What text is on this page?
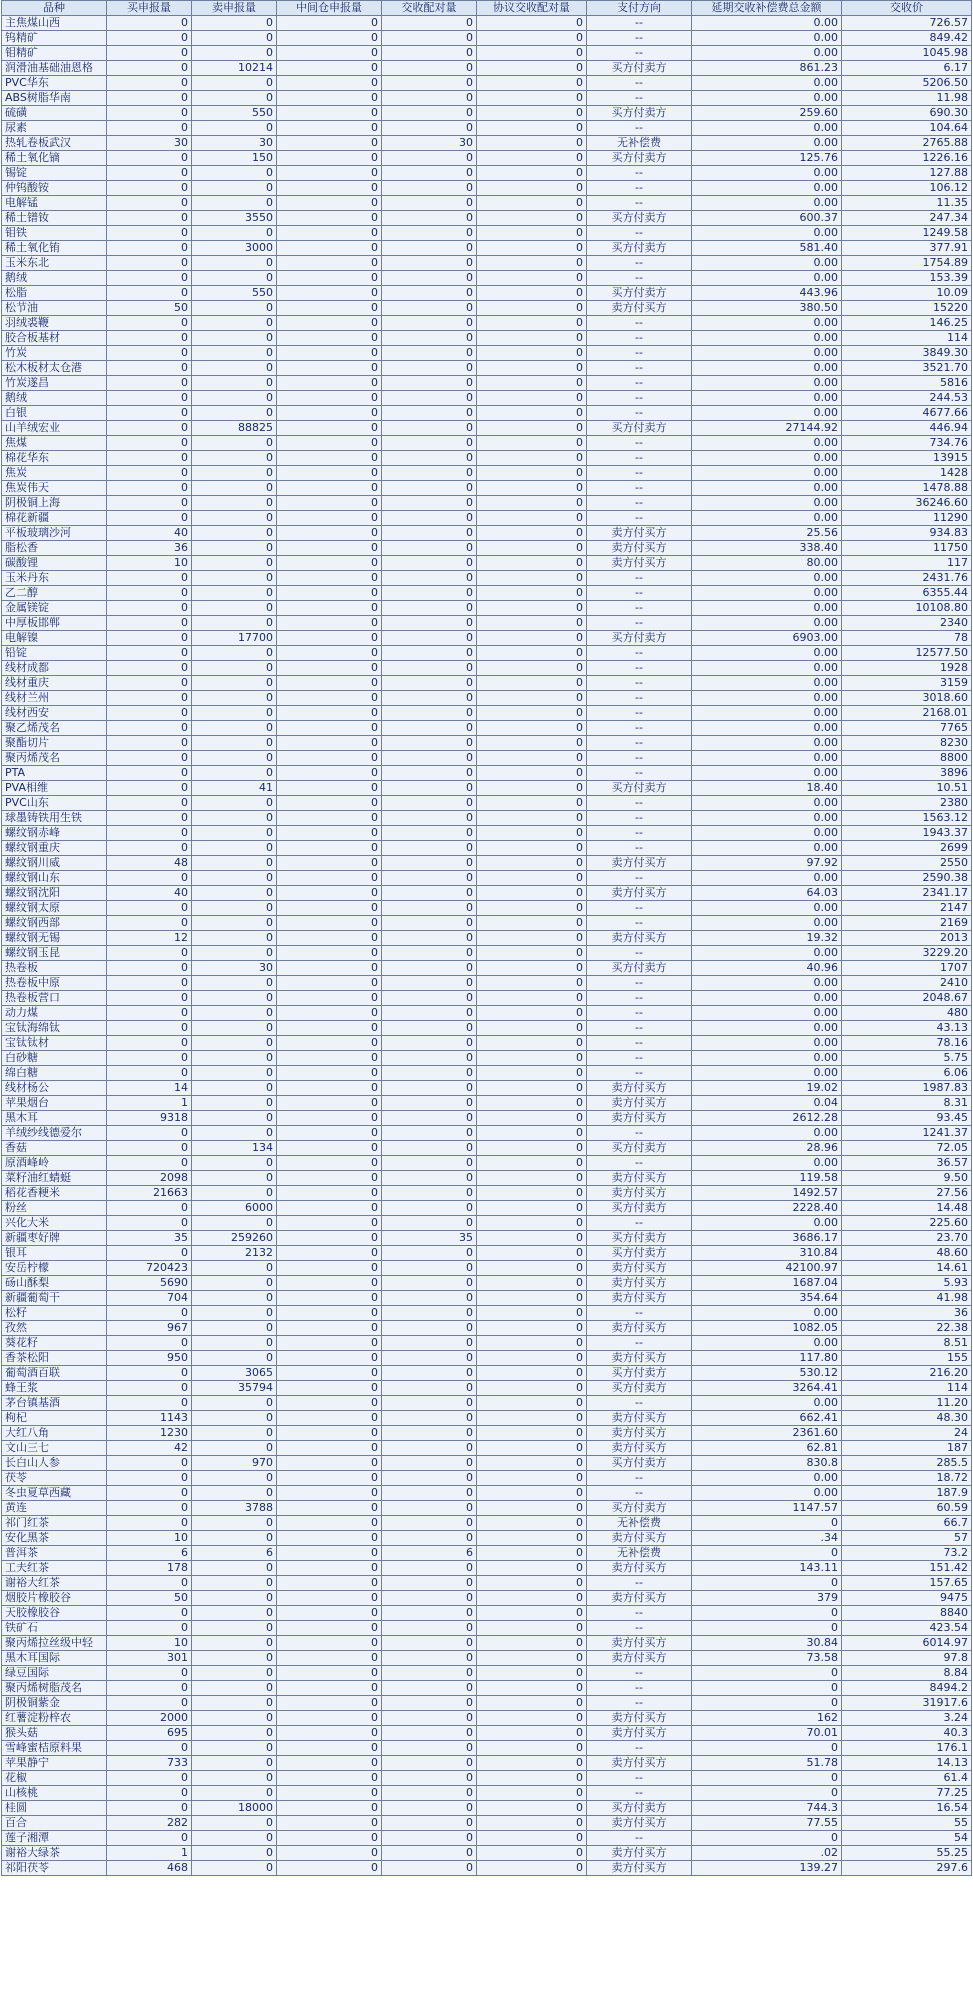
品种	买申报量	卖申报量	中间仓申报量	交收配对量	协议交收配对量	支付方向	延期交收补偿费总金额	交收价
主焦煤山西	0	0	0	0	0	--	0.00	726.57
钨精矿	0	0	0	0	0	--	0.00	849.42
钼精矿	0	0	0	0	0	--	0.00	1045.98
润滑油基础油恩格	0	10214	0	0	0	买方付卖方	861.23	6.17
PVC华东	0	0	0	0	0	--	0.00	5206.50
ABS树脂华南	0	0	0	0	0	--	0.00	11.98
硫磺	0	550	0	0	0	买方付卖方	259.60	690.30
尿素	0	0	0	0	0	--	0.00	104.64
热轧卷板武汉	30	30	0	30	0	无补偿费	0.00	2765.88
稀土氧化镝	0	150	0	0	0	买方付卖方	125.76	1226.16
锡锭	0	0	0	0	0	--	0.00	127.88
仲钨酸铵	0	0	0	0	0	--	0.00	106.12
电解锰	0	0	0	0	0	--	0.00	11.35
稀土镨钕	0	3550	0	0	0	买方付卖方	600.37	247.34
钼铁	0	0	0	0	0	--	0.00	1249.58
稀土氧化铕	0	3000	0	0	0	买方付卖方	581.40	377.91
玉米东北	0	0	0	0	0	--	0.00	1754.89
鹅绒	0	0	0	0	0	--	0.00	153.39
松脂	0	550	0	0	0	买方付卖方	443.96	10.09
松节油	50	0	0	0	0	卖方付买方	380.50	15220
羽绒裘鞭	0	0	0	0	0	--	0.00	146.25
胶合板基材	0	0	0	0	0	--	0.00	114
竹炭	0	0	0	0	0	--	0.00	3849.30
松木板材太仓港	0	0	0	0	0	--	0.00	3521.70
竹炭遂昌	0	0	0	0	0	--	0.00	5816
鹅绒	0	0	0	0	0	--	0.00	244.53
白银	0	0	0	0	0	--	0.00	4677.66
山羊绒宏业	0	88825	0	0	0	买方付卖方	27144.92	446.94
焦煤	0	0	0	0	0	--	0.00	734.76
棉花华东	0	0	0	0	0	--	0.00	13915
焦炭	0	0	0	0	0	--	0.00	1428
焦炭伟天	0	0	0	0	0	--	0.00	1478.88
阴极铜上海	0	0	0	0	0	--	0.00	36246.60
棉花新疆	0	0	0	0	0	--	0.00	11290
平板玻璃沙河	40	0	0	0	0	卖方付买方	25.56	934.83
脂松香	36	0	0	0	0	卖方付买方	338.40	11750
碳酸锂	10	0	0	0	0	卖方付买方	80.00	117
玉米丹东	0	0	0	0	0	--	0.00	2431.76
乙二醇	0	0	0	0	0	--	0.00	6355.44
金属镁锭	0	0	0	0	0	--	0.00	10108.80
中厚板邯郸	0	0	0	0	0	--	0.00	2340
电解镍	0	17700	0	0	0	买方付卖方	6903.00	78
铅锭	0	0	0	0	0	--	0.00	12577.50
线材成都	0	0	0	0	0	--	0.00	1928
线材重庆	0	0	0	0	0	--	0.00	3159
线材兰州	0	0	0	0	0	--	0.00	3018.60
线材西安	0	0	0	0	0	--	0.00	2168.01
聚乙烯茂名	0	0	0	0	0	--	0.00	7765
聚酯切片	0	0	0	0	0	--	0.00	8230
聚丙烯茂名	0	0	0	0	0	--	0.00	8800
PTA	0	0	0	0	0	--	0.00	3896
PVA相维	0	41	0	0	0	买方付卖方	18.40	10.51
PVC山东	0	0	0	0	0	--	0.00	2380
球墨铸铁用生铁	0	0	0	0	0	--	0.00	1563.12
螺纹钢赤峰	0	0	0	0	0	--	0.00	1943.37
螺纹钢重庆	0	0	0	0	0	--	0.00	2699
螺纹钢川威	48	0	0	0	0	卖方付买方	97.92	2550
螺纹钢山东	0	0	0	0	0	--	0.00	2590.38
螺纹钢沈阳	40	0	0	0	0	卖方付买方	64.03	2341.17
螺纹钢太原	0	0	0	0	0	--	0.00	2147
螺纹钢西部	0	0	0	0	0	--	0.00	2169
螺纹钢无锡	12	0	0	0	0	卖方付买方	19.32	2013
螺纹钢玉昆	0	0	0	0	0	--	0.00	3229.20
热卷板	0	30	0	0	0	买方付卖方	40.96	1707
热卷板中原	0	0	0	0	0	--	0.00	2410
热卷板营口	0	0	0	0	0	--	0.00	2048.67
动力煤	0	0	0	0	0	--	0.00	480
宝钛海绵钛	0	0	0	0	0	--	0.00	43.13
宝钛钛材	0	0	0	0	0	--	0.00	78.16
白砂糖	0	0	0	0	0	--	0.00	5.75
绵白糖	0	0	0	0	0	--	0.00	6.06
线材杨公	14	0	0	0	0	卖方付买方	19.02	1987.83
苹果烟台	1	0	0	0	0	卖方付买方	0.04	8.31
黑木耳	9318	0	0	0	0	卖方付买方	2612.28	93.45
羊绒纱线德爱尔	0	0	0	0	0	--	0.00	1241.37
香菇	0	134	0	0	0	买方付卖方	28.96	72.05
原酒峰岭	0	0	0	0	0	--	0.00	36.57
菜籽油红蜻蜓	2098	0	0	0	0	卖方付买方	119.58	9.50
稻花香粳米	21663	0	0	0	0	卖方付买方	1492.57	27.56
粉丝	0	6000	0	0	0	买方付卖方	2228.40	14.48
兴化大米	0	0	0	0	0	--	0.00	225.60
新疆枣好牌	35	259260	0	35	0	买方付卖方	3686.17	23.70
银耳	0	2132	0	0	0	买方付卖方	310.84	48.60
安岳柠檬	720423	0	0	0	0	卖方付买方	42100.97	14.61
砀山酥梨	5690	0	0	0	0	卖方付买方	1687.04	5.93
新疆葡萄干	704	0	0	0	0	卖方付买方	354.64	41.98
松籽	0	0	0	0	0	--	0.00	36
孜然	967	0	0	0	0	卖方付买方	1082.05	22.38
葵花籽	0	0	0	0	0	--	0.00	8.51
香茶松阳	950	0	0	0	0	卖方付买方	117.80	155
葡萄酒百联	0	3065	0	0	0	买方付卖方	530.12	216.20
蜂王浆	0	35794	0	0	0	买方付卖方	3264.41	114
茅台镇基酒	0	0	0	0	0	--	0.00	11.20
枸杞	1143	0	0	0	0	卖方付买方	662.41	48.30
大红八角	1230	0	0	0	0	卖方付买方	2361.60	24
文山三七	42	0	0	0	0	卖方付买方	62.81	187
长白山人参	0	970	0	0	0	买方付卖方	830.8	285.5
茯苓	0	0	0	0	0	--	0.00	18.72
冬虫夏草西藏	0	0	0	0	0	--	0.00	187.9
黄连	0	3788	0	0	0	买方付卖方	1147.57	60.59
祁门红茶	0	0	0	0	0	无补偿费	0	66.7
安化黑茶	10	0	0	0	0	卖方付买方	.34	57
普洱茶	6	6	0	6	0	无补偿费	0	73.2
工夫红茶	178	0	0	0	0	卖方付买方	143.11	151.42
谢裕大红茶	0	0	0	0	0	--	0	157.65
烟胶片橡胶谷	50	0	0	0	0	卖方付买方	379	9475
天胶橡胶谷	0	0	0	0	0	--	0	8840
铁矿石	0	0	0	0	0	--	0	423.54
聚丙烯拉丝级中轻	10	0	0	0	0	卖方付买方	30.84	6014.97
黑木耳国际	301	0	0	0	0	卖方付买方	73.58	97.8
绿豆国际	0	0	0	0	0	--	0	8.84
聚丙烯树脂茂名	0	0	0	0	0	--	0	8494.2
阴极铜紫金	0	0	0	0	0	--	0	31917.6
红薯淀粉梓农	2000	0	0	0	0	卖方付买方	162	3.24
猴头菇	695	0	0	0	0	卖方付买方	70.01	40.3
雪峰蜜桔原料果	0	0	0	0	0	--	0	176.1
苹果静宁	733	0	0	0	0	卖方付买方	51.78	14.13
花椒	0	0	0	0	0	--	0	61.4
山核桃	0	0	0	0	0	--	0	77.25
桂圆	0	18000	0	0	0	买方付卖方	744.3	16.54
百合	282	0	0	0	0	卖方付买方	77.55	55
莲子湘潭	0	0	0	0	0	--	0	54
谢裕大绿茶	1	0	0	0	0	卖方付买方	.02	55.25
祁阳茯苓	468	0	0	0	0	卖方付买方	139.27	297.6
